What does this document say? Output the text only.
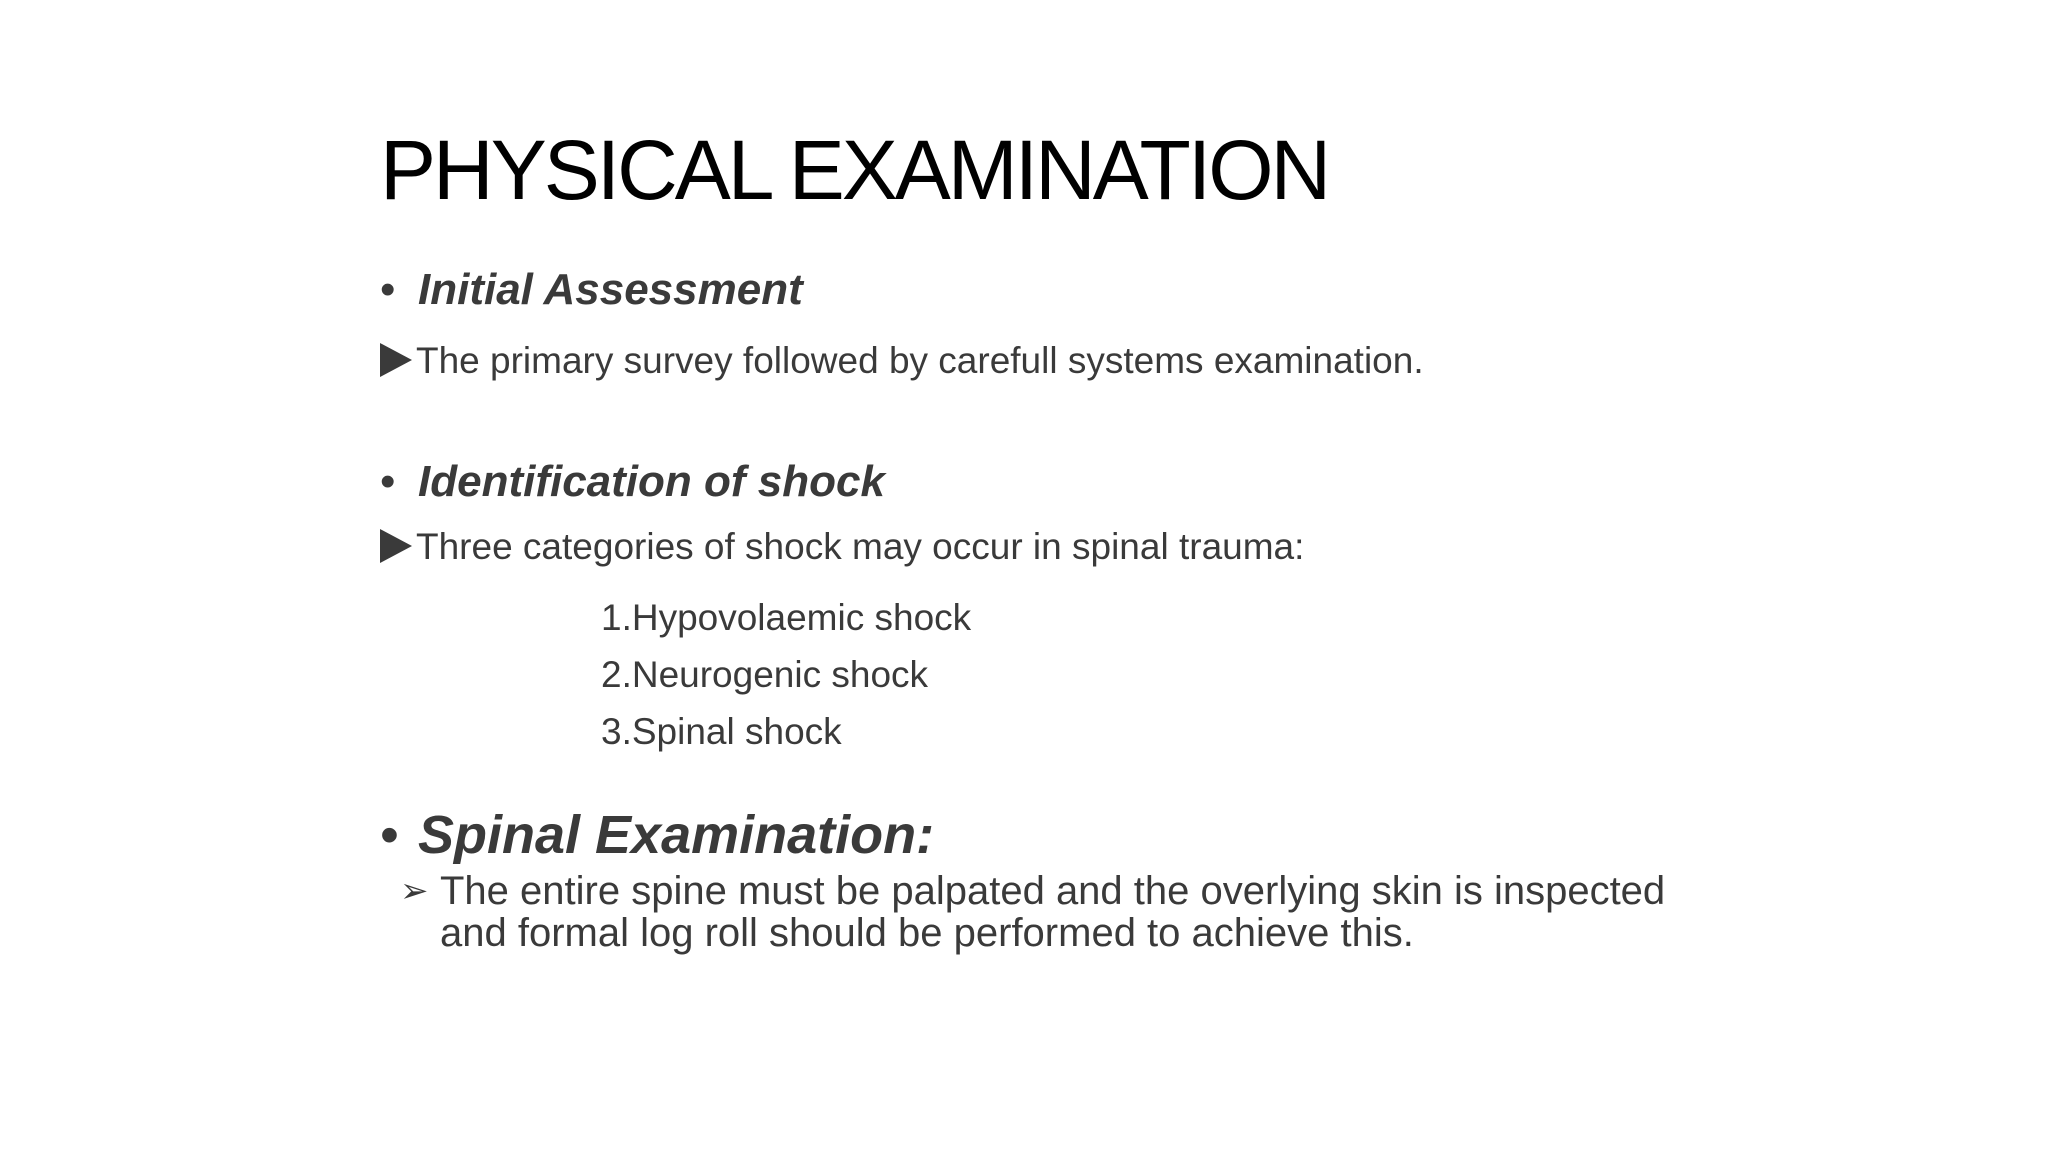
PHYSICAL EXAMINATION
• Initial Assessment
The primary survey followed by carefull systems examination.
• Identification of shock
Three categories of shock may occur in spinal trauma:
1.Hypovolaemic shock
2.Neurogenic shock
3.Spinal shock
• Spinal Examination:
➢ The entire spine must be palpated and the overlying skin is inspected
and formal log roll should be performed to achieve this.
